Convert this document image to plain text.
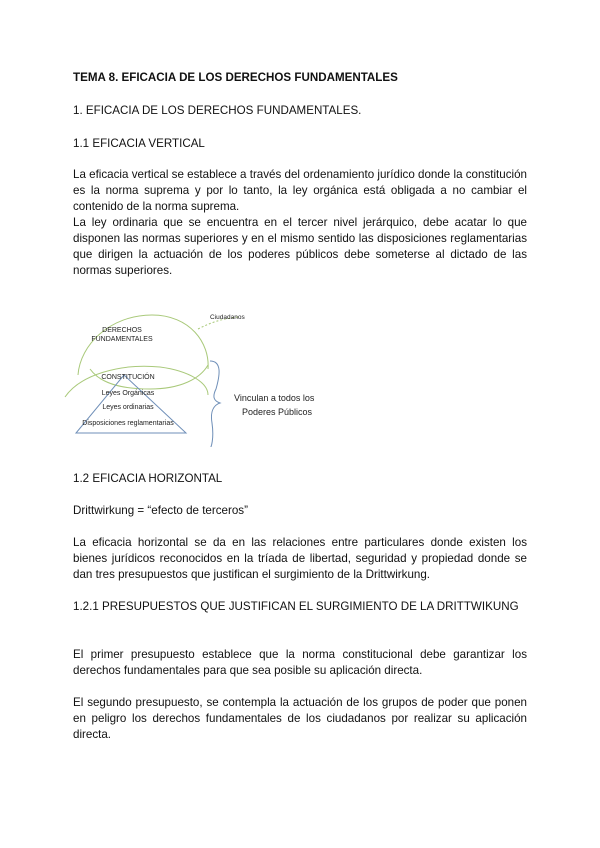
TEMA 8. EFICACIA DE LOS DERECHOS FUNDAMENTALES
1. EFICACIA DE LOS DERECHOS FUNDAMENTALES.
1.1 EFICACIA VERTICAL
La eficacia vertical se establece a través del ordenamiento jurídico donde la constitución es la norma suprema y por lo tanto, la ley orgánica está obligada a no cambiar el contenido de la norma suprema.
La ley ordinaria que se encuentra en el tercer nivel jerárquico, debe acatar lo que disponen las normas superiores y en el mismo sentido las disposiciones reglamentarias que dirigen la actuación de los poderes públicos debe someterse al dictado de las normas superiores.
DERECHOS
FUNDAMENTALES
Ciudadanos
CONSTITUCIÓN
Leyes Orgánicas
Leyes ordinarias
Disposiciones reglamentarias
Vinculan a todos los
Poderes Públicos
1.2 EFICACIA HORIZONTAL
Drittwirkung = “efecto de terceros”
La eficacia horizontal se da en las relaciones entre particulares donde existen los bienes jurídicos reconocidos en la tríada de libertad, seguridad y propiedad donde se dan tres presupuestos que justifican el surgimiento de la Drittwirkung.
1.2.1 PRESUPUESTOS QUE JUSTIFICAN EL SURGIMIENTO DE LA DRITTWIKUNG
El primer presupuesto establece que la norma constitucional debe garantizar los derechos fundamentales para que sea posible su aplicación directa.
El segundo presupuesto, se contempla la actuación de los grupos de poder que ponen en peligro los derechos fundamentales de los ciudadanos por realizar su aplicación directa.
